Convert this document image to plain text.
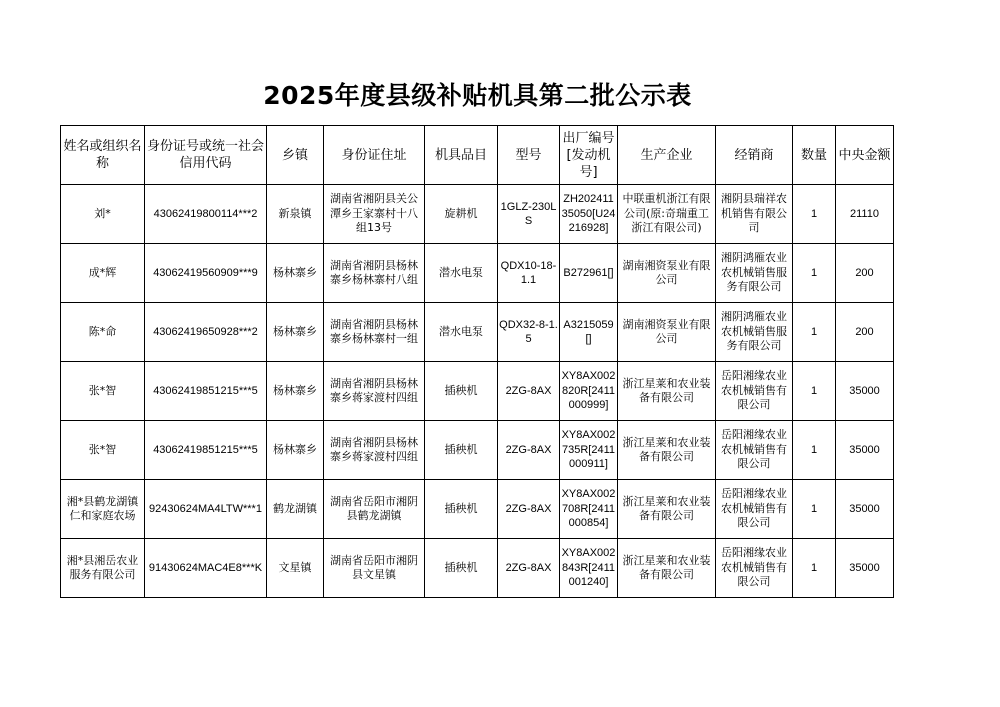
2025年度县级补贴机具第二批公示表
姓名或组织名称	身份证号或统一社会信用代码	乡镇	身份证住址	机具品目	型号	出厂编号[发动机号]	生产企业	经销商	数量	中央金额
刘*	43062419800114***2	新泉镇	湖南省湘阴县关公潭乡王家寨村十八组13号	旋耕机	1GLZ-230LS	ZH20241135050[U24216928]	中联重机浙江有限公司(原:奇瑞重工浙江有限公司)	湘阴县瑞祥农机销售有限公司	1	21110
成*辉	43062419560909***9	杨林寨乡	湖南省湘阴县杨林寨乡杨林寨村八组	潜水电泵	QDX10-18-1.1	B272961[]	湖南湘资泵业有限公司	湘阴鸿雁农业农机械销售服务有限公司	1	200
陈*命	43062419650928***2	杨林寨乡	湖南省湘阴县杨林寨乡杨林寨村一组	潜水电泵	QDX32-8-1.5	A3215059[]	湖南湘资泵业有限公司	湘阴鸿雁农业农机械销售服务有限公司	1	200
张*智	43062419851215***5	杨林寨乡	湖南省湘阴县杨林寨乡蒋家渡村四组	插秧机	2ZG-8AX	XY8AX002820R[2411000999]	浙江星莱和农业装备有限公司	岳阳湘缘农业农机械销售有限公司	1	35000
张*智	43062419851215***5	杨林寨乡	湖南省湘阴县杨林寨乡蒋家渡村四组	插秧机	2ZG-8AX	XY8AX002735R[2411000911]	浙江星莱和农业装备有限公司	岳阳湘缘农业农机械销售有限公司	1	35000
湘*县鹤龙湖镇仁和家庭农场	92430624MA4LTW***1	鹤龙湖镇	湖南省岳阳市湘阴县鹤龙湖镇	插秧机	2ZG-8AX	XY8AX002708R[2411000854]	浙江星莱和农业装备有限公司	岳阳湘缘农业农机械销售有限公司	1	35000
湘*县湘岳农业服务有限公司	91430624MAC4E8***K	文星镇	湖南省岳阳市湘阴县文星镇	插秧机	2ZG-8AX	XY8AX002843R[2411001240]	浙江星莱和农业装备有限公司	岳阳湘缘农业农机械销售有限公司	1	35000
